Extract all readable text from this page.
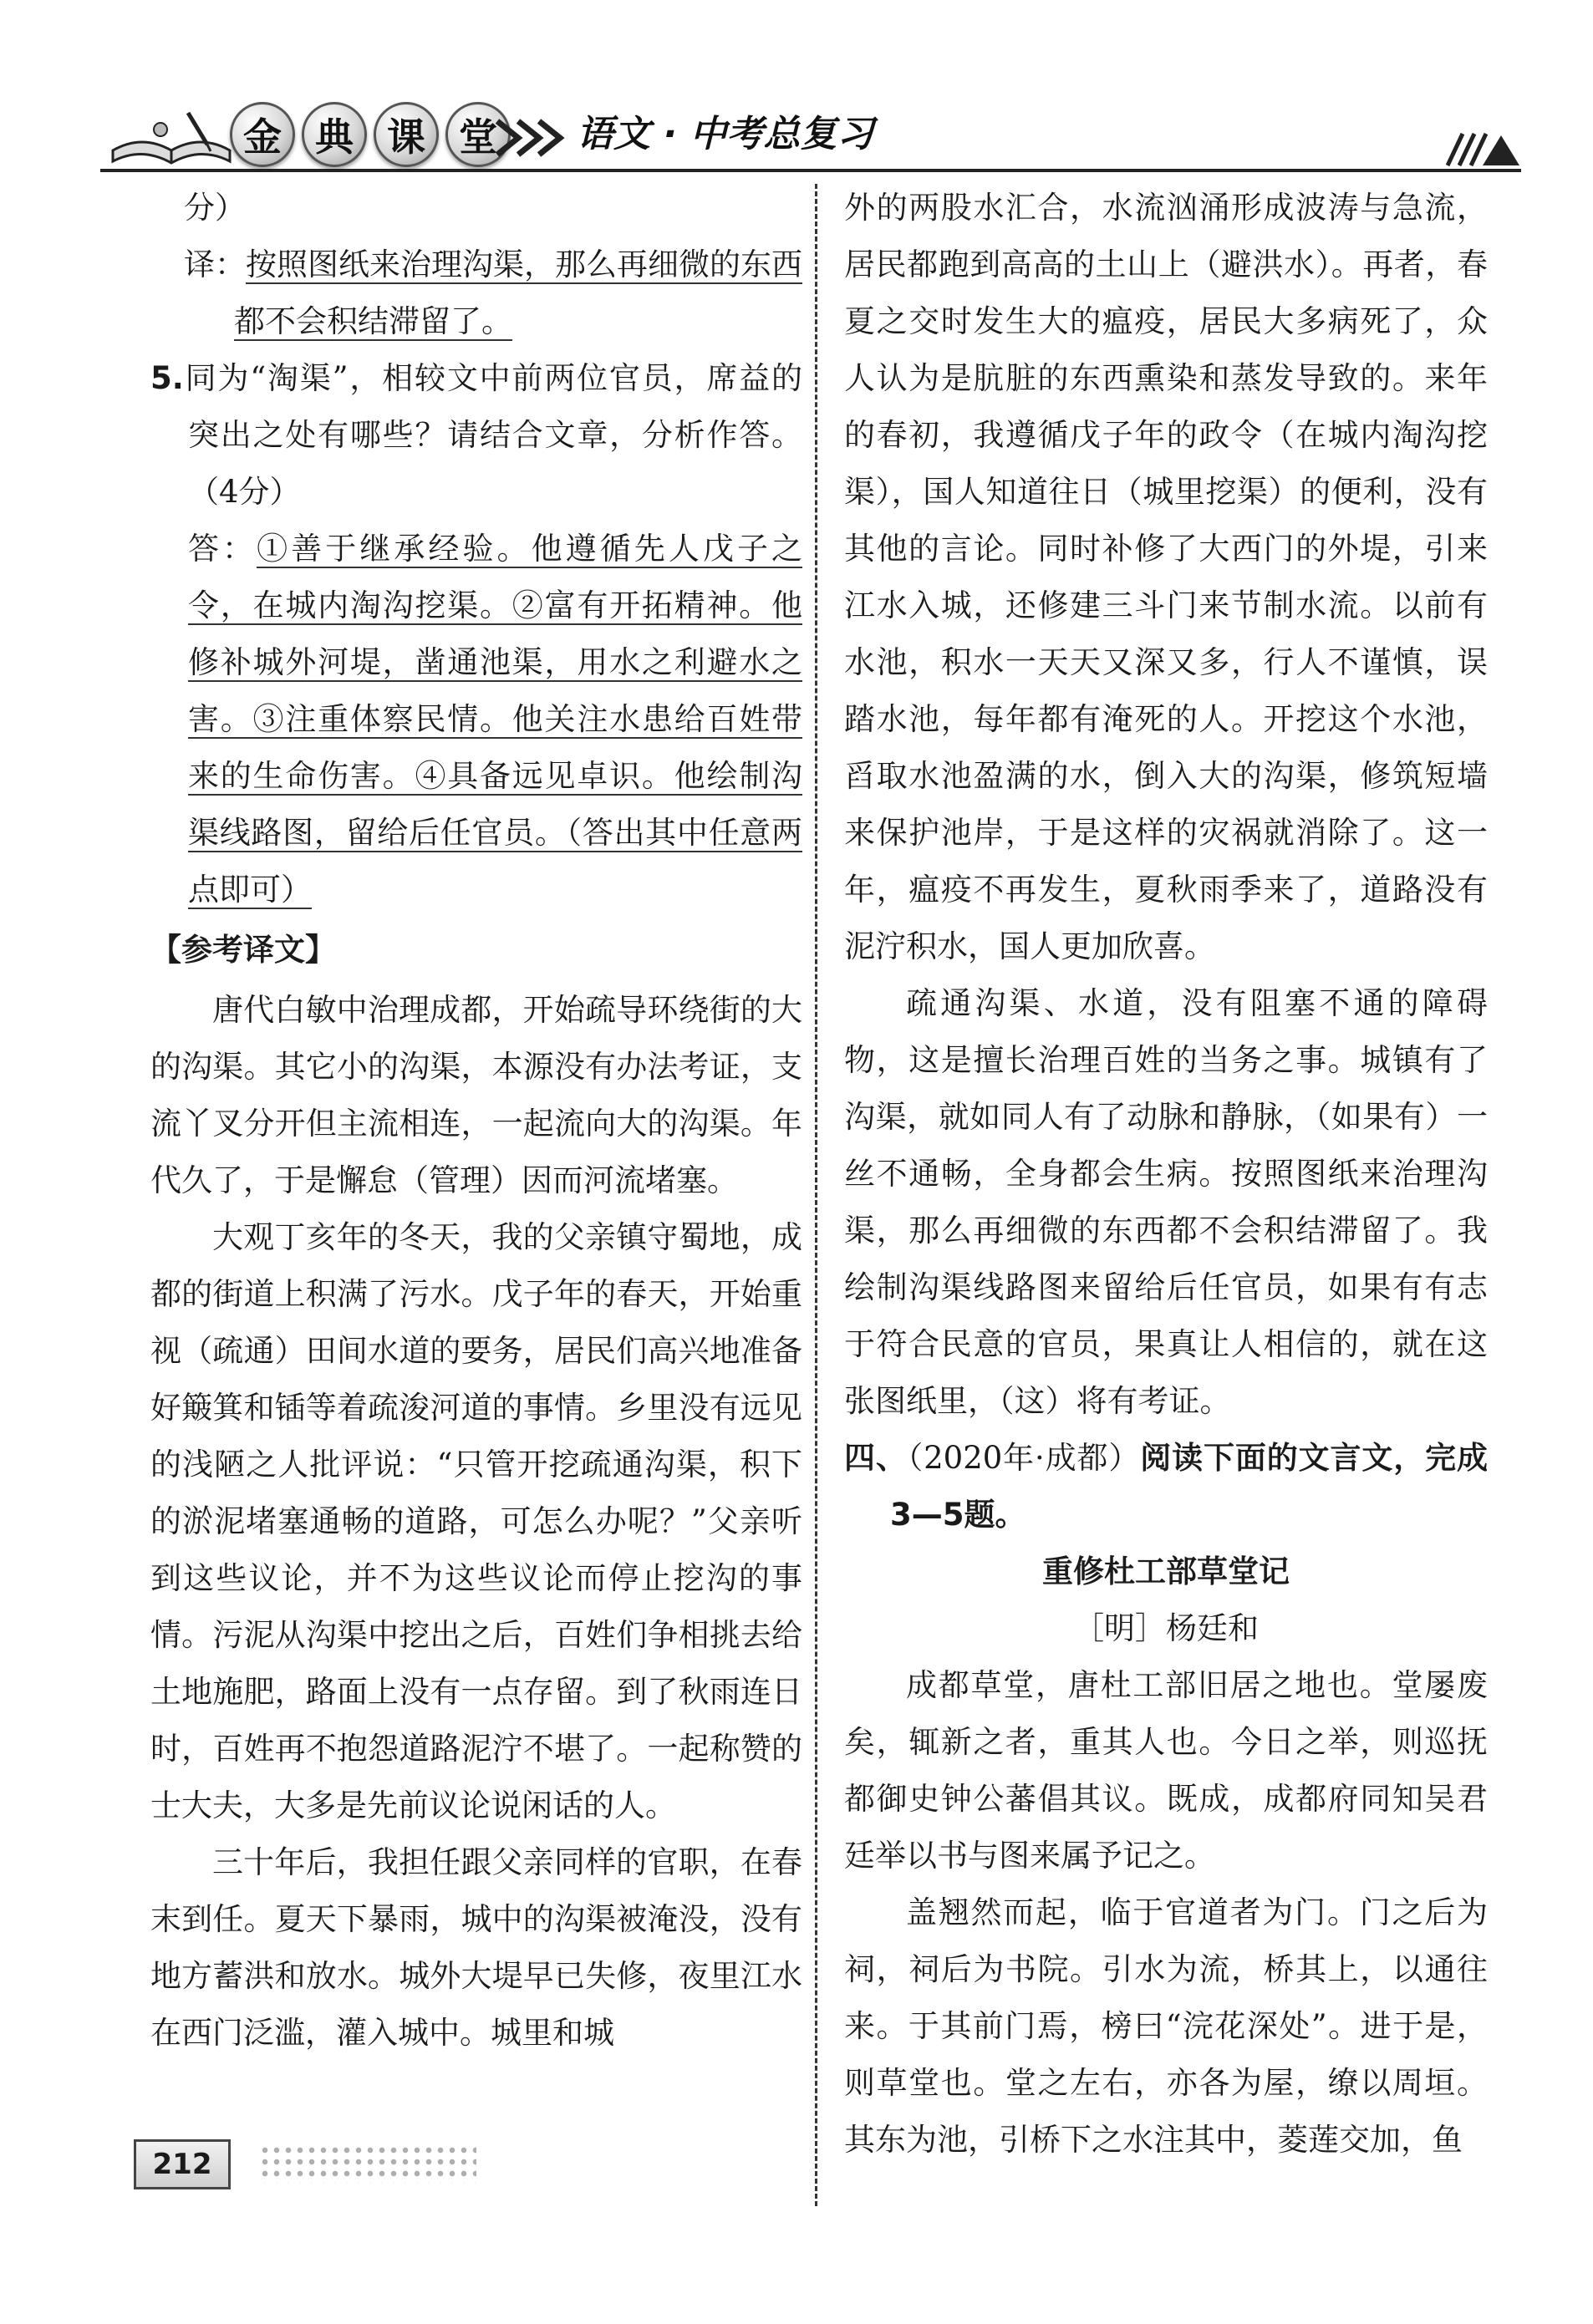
金 典 课 堂	语文 · 中考总复习

分）

译：按照图纸来治理沟渠，那么再细微的东西都不会积结滞留了。

5.同为“淘渠”，相较文中前两位官员，席益的突出之处有哪些？请结合文章，分析作答。（4分）

答：①善于继承经验。他遵循先人戊子之令，在城内淘沟挖渠。②富有开拓精神。他修补城外河堤，凿通池渠，用水之利避水之害。③注重体察民情。他关注水患给百姓带来的生命伤害。④具备远见卓识。他绘制沟渠线路图，留给后任官员。（答出其中任意两点即可）

【参考译文】

唐代白敏中治理成都，开始疏导环绕街的大的沟渠。其它小的沟渠，本源没有办法考证，支流丫叉分开但主流相连，一起流向大的沟渠。年代久了，于是懈怠（管理）因而河流堵塞。

大观丁亥年的冬天，我的父亲镇守蜀地，成都的街道上积满了污水。戊子年的春天，开始重视（疏通）田间水道的要务，居民们高兴地准备好簸箕和锸等着疏浚河道的事情。乡里没有远见的浅陋之人批评说：“只管开挖疏通沟渠，积下的淤泥堵塞通畅的道路，可怎么办呢？”父亲听到这些议论，并不为这些议论而停止挖沟的事情。污泥从沟渠中挖出之后，百姓们争相挑去给土地施肥，路面上没有一点存留。到了秋雨连日时，百姓再不抱怨道路泥泞不堪了。一起称赞的士大夫，大多是先前议论说闲话的人。

三十年后，我担任跟父亲同样的官职，在春末到任。夏天下暴雨，城中的沟渠被淹没，没有地方蓄洪和放水。城外大堤早已失修，夜里江水在西门泛滥，灌入城中。城里和城

外的两股水汇合，水流汹涌形成波涛与急流，居民都跑到高高的土山上（避洪水）。再者，春夏之交时发生大的瘟疫，居民大多病死了，众人认为是肮脏的东西熏染和蒸发导致的。来年的春初，我遵循戊子年的政令（在城内淘沟挖渠），国人知道往日（城里挖渠）的便利，没有其他的言论。同时补修了大西门的外堤，引来江水入城，还修建三斗门来节制水流。以前有水池，积水一天天又深又多，行人不谨慎，误踏水池，每年都有淹死的人。开挖这个水池，舀取水池盈满的水，倒入大的沟渠，修筑短墙来保护池岸，于是这样的灾祸就消除了。这一年，瘟疫不再发生，夏秋雨季来了，道路没有泥泞积水，国人更加欣喜。

疏通沟渠、水道，没有阻塞不通的障碍物，这是擅长治理百姓的当务之事。城镇有了沟渠，就如同人有了动脉和静脉，（如果有）一丝不通畅，全身都会生病。按照图纸来治理沟渠，那么再细微的东西都不会积结滞留了。我绘制沟渠线路图来留给后任官员，如果有有志于符合民意的官员，果真让人相信的，就在这张图纸里，（这）将有考证。

四、（2020年·成都）阅读下面的文言文，完成3—5题。

重修杜工部草堂记

［明］杨廷和

成都草堂，唐杜工部旧居之地也。堂屡废矣，辄新之者，重其人也。今日之举，则巡抚都御史钟公蕃倡其议。既成，成都府同知吴君廷举以书与图来属予记之。

盖翘然而起，临于官道者为门。门之后为祠，祠后为书院。引水为流，桥其上，以通往来。于其前门焉，榜曰“浣花深处”。进于是，则草堂也。堂之左右，亦各为屋，缭以周垣。其东为池，引桥下之水注其中，菱莲交加，鱼

212
